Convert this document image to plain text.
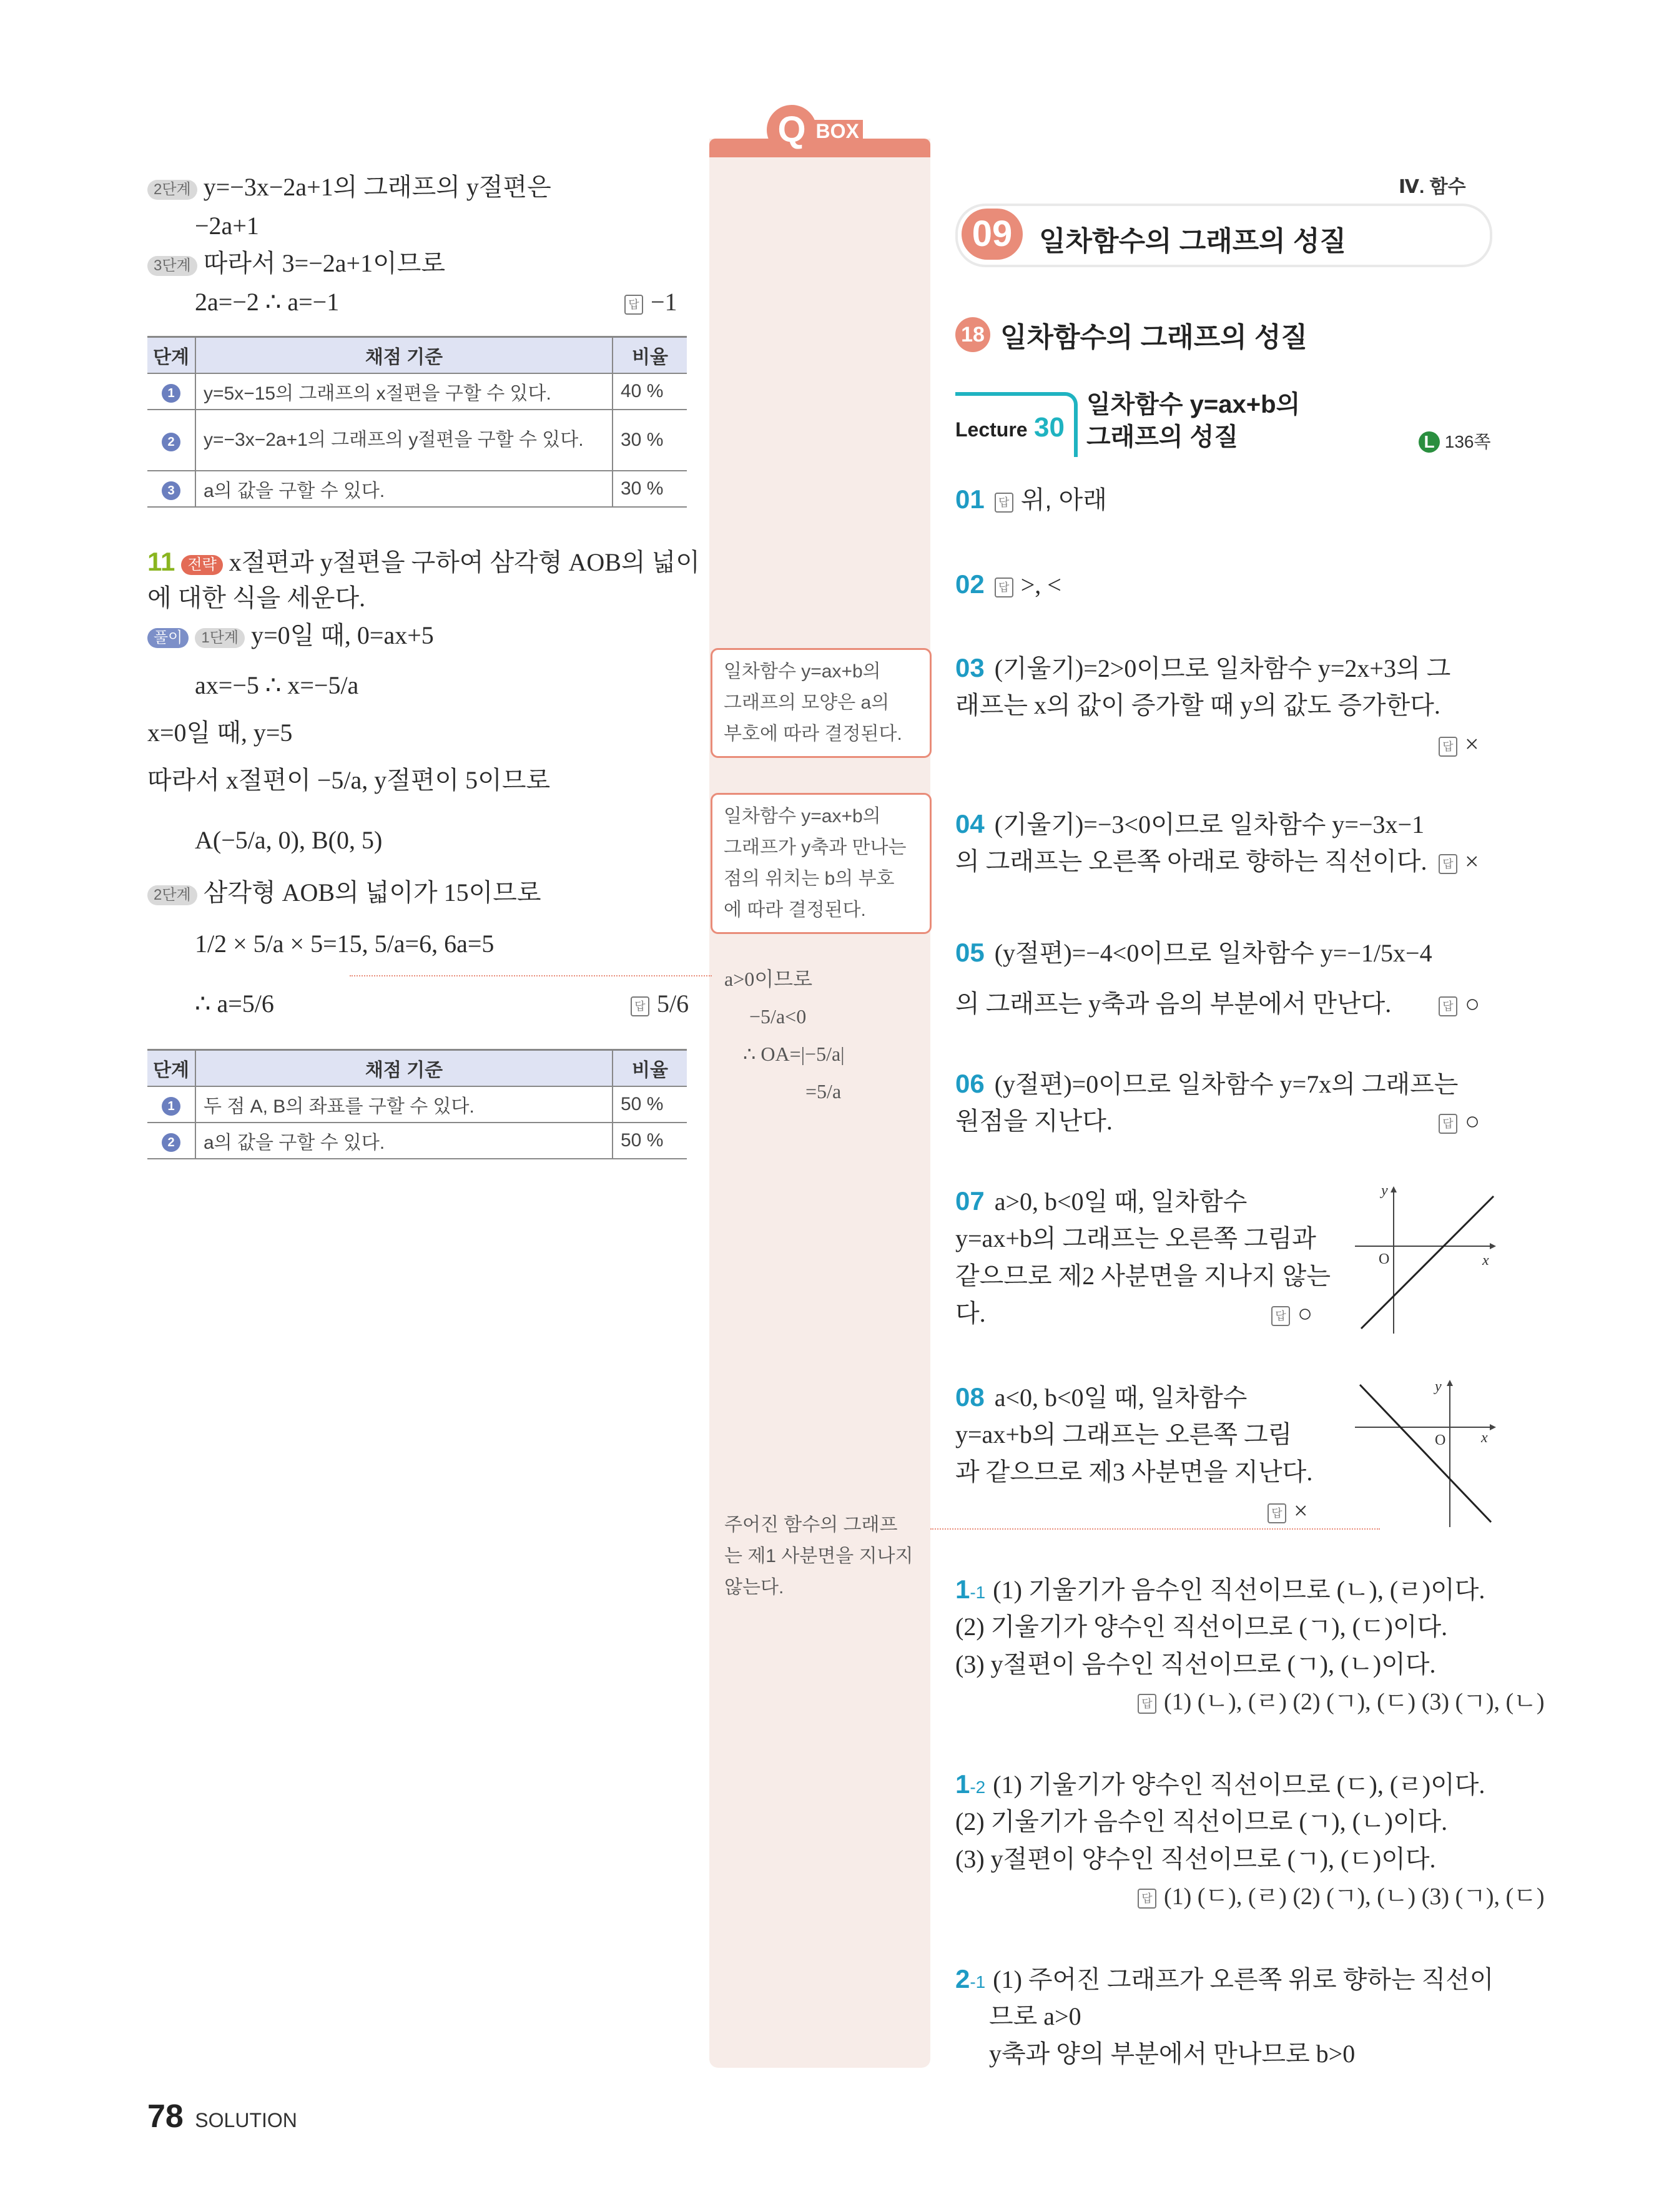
Q BOX
2단계 y=−3x−2a+1의 그래프의 y절편은
−2a+1
3단계 따라서 3=−2a+1이므로
2a=−2 ∴ a=−1	답 −1
단계	채점 기준	비율
1	y=5x−15의 그래프의 x절편을 구할 수 있다.	40 %
2	y=−3x−2a+1의 그래프의 y절편을 구할 수 있다.	30 %
3	a의 값을 구할 수 있다.	30 %
11 전략 x절편과 y절편을 구하여 삼각형 AOB의 넓이
에 대한 식을 세운다.
풀이 1단계 y=0일 때, 0=ax+5
ax=−5 ∴ x=−5/a
x=0일 때, y=5
따라서 x절편이 −5/a, y절편이 5이므로
A(−5/a, 0), B(0, 5)
2단계 삼각형 AOB의 넓이가 15이므로
1/2 × 5/a × 5=15, 5/a=6, 6a=5
∴ a=5/6	답 5/6
단계	채점 기준	비율
1	두 점 A, B의 좌표를 구할 수 있다.	50 %
2	a의 값을 구할 수 있다.	50 %
일차함수 y=ax+b의
그래프의 모양은 a의
부호에 따라 결정된다.
일차함수 y=ax+b의
그래프가 y축과 만나는
점의 위치는 b의 부호
에 따라 결정된다.
a>0이므로
−5/a<0
∴ OA=|−5/a|
=5/a
주어진 함수의 그래프
는 제1 사분면을 지나지
않는다.
Ⅳ. 함수
09 일차함수의 그래프의 성질
18 일차함수의 그래프의 성질
Lecture 30
일차함수 y=ax+b의
그래프의 성질	L 136쪽
01 답 위, 아래
02 답 >, <
03 (기울기)=2>0이므로 일차함수 y=2x+3의 그
래프는 x의 값이 증가할 때 y의 값도 증가한다.
답 ×
04 (기울기)=−3<0이므로 일차함수 y=−3x−1
의 그래프는 오른쪽 아래로 향하는 직선이다.	답 ×
05 (y절편)=−4<0이므로 일차함수 y=−1/5x−4
의 그래프는 y축과 음의 부분에서 만난다.	답 ○
06 (y절편)=0이므로 일차함수 y=7x의 그래프는
원점을 지난다.	답 ○
07 a>0, b<0일 때, 일차함수
y=ax+b의 그래프는 오른쪽 그림과
같으므로 제2 사분면을 지나지 않는
다.	답 ○
y
x
O
08 a<0, b<0일 때, 일차함수
y=ax+b의 그래프는 오른쪽 그림
과 같으므로 제3 사분면을 지난다.
답 ×
y
x
O
1-1 (1) 기울기가 음수인 직선이므로 (ㄴ), (ㄹ)이다.
(2) 기울기가 양수인 직선이므로 (ㄱ), (ㄷ)이다.
(3) y절편이 음수인 직선이므로 (ㄱ), (ㄴ)이다.
답 (1) (ㄴ), (ㄹ) (2) (ㄱ), (ㄷ) (3) (ㄱ), (ㄴ)
1-2 (1) 기울기가 양수인 직선이므로 (ㄷ), (ㄹ)이다.
(2) 기울기가 음수인 직선이므로 (ㄱ), (ㄴ)이다.
(3) y절편이 양수인 직선이므로 (ㄱ), (ㄷ)이다.
답 (1) (ㄷ), (ㄹ) (2) (ㄱ), (ㄴ) (3) (ㄱ), (ㄷ)
2-1 (1) 주어진 그래프가 오른쪽 위로 향하는 직선이
므로 a>0
y축과 양의 부분에서 만나므로 b>0
78 SOLUTION
